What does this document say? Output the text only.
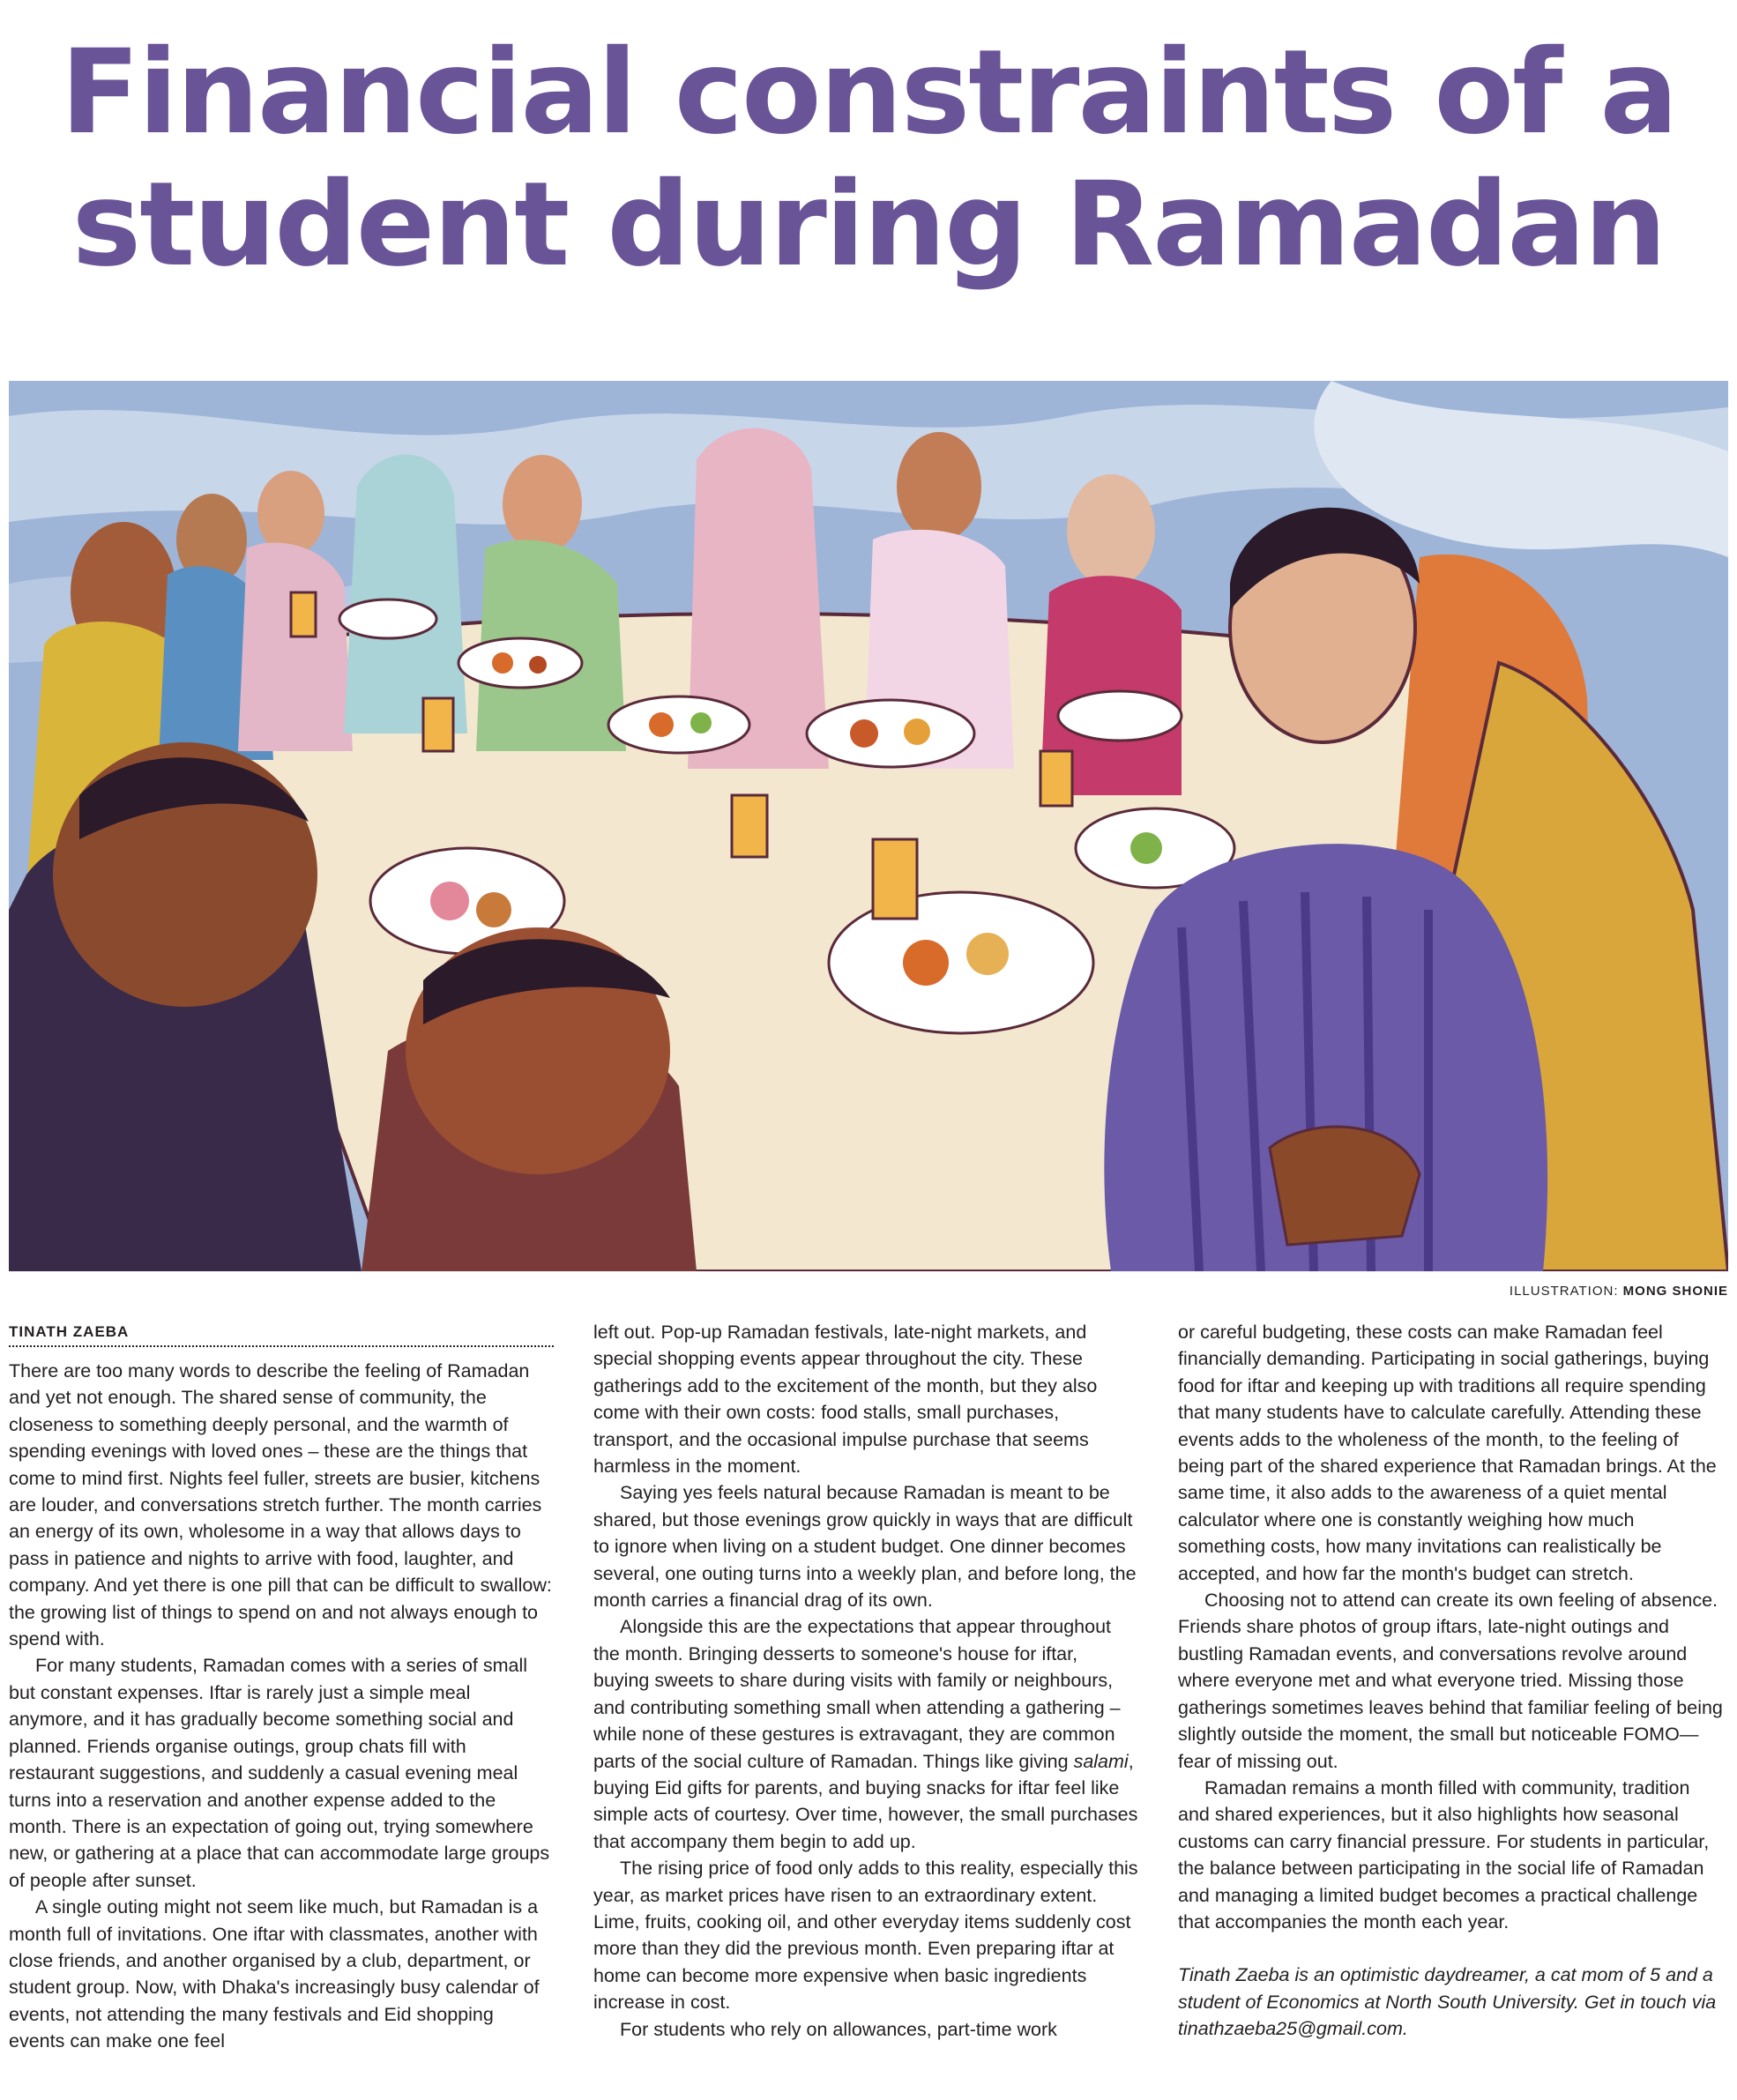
Financial constraints of a
student during Ramadan
ILLUSTRATION: MONG SHONIE
TINATH ZAEBA

There are too many words to describe the feeling of Ramadan and yet not enough. The shared sense of community, the closeness to something deeply personal, and the warmth of spending evenings with loved ones – these are the things that come to mind first. Nights feel fuller, streets are busier, kitchens are louder, and conversations stretch further. The month carries an energy of its own, wholesome in a way that allows days to pass in patience and nights to arrive with food, laughter, and company. And yet there is one pill that can be difficult to swallow: the growing list of things to spend on and not always enough to spend with.

For many students, Ramadan comes with a series of small but constant expenses. Iftar is rarely just a simple meal anymore, and it has gradually become something social and planned. Friends organise outings, group chats fill with restaurant suggestions, and suddenly a casual evening meal turns into a reservation and another expense added to the month. There is an expectation of going out, trying somewhere new, or gathering at a place that can accommodate large groups of people after sunset.

A single outing might not seem like much, but Ramadan is a month full of invitations. One iftar with classmates, another with close friends, and another organised by a club, department, or student group. Now, with Dhaka's increasingly busy calendar of events, not attending the many festivals and Eid shopping events can make one feel

left out. Pop-up Ramadan festivals, late-night markets, and special shopping events appear throughout the city. These gatherings add to the excitement of the month, but they also come with their own costs: food stalls, small purchases, transport, and the occasional impulse purchase that seems harmless in the moment.

Saying yes feels natural because Ramadan is meant to be shared, but those evenings grow quickly in ways that are difficult to ignore when living on a student budget. One dinner becomes several, one outing turns into a weekly plan, and before long, the month carries a financial drag of its own.

Alongside this are the expectations that appear throughout the month. Bringing desserts to someone's house for iftar, buying sweets to share during visits with family or neighbours, and contributing something small when attending a gathering – while none of these gestures is extravagant, they are common parts of the social culture of Ramadan. Things like giving salami, buying Eid gifts for parents, and buying snacks for iftar feel like simple acts of courtesy. Over time, however, the small purchases that accompany them begin to add up.

The rising price of food only adds to this reality, especially this year, as market prices have risen to an extraordinary extent. Lime, fruits, cooking oil, and other everyday items suddenly cost more than they did the previous month. Even preparing iftar at home can become more expensive when basic ingredients increase in cost.

For students who rely on allowances, part-time work

or careful budgeting, these costs can make Ramadan feel financially demanding. Participating in social gatherings, buying food for iftar and keeping up with traditions all require spending that many students have to calculate carefully. Attending these events adds to the wholeness of the month, to the feeling of being part of the shared experience that Ramadan brings. At the same time, it also adds to the awareness of a quiet mental calculator where one is constantly weighing how much something costs, how many invitations can realistically be accepted, and how far the month's budget can stretch.

Choosing not to attend can create its own feeling of absence. Friends share photos of group iftars, late-night outings and bustling Ramadan events, and conversations revolve around where everyone met and what everyone tried. Missing those gatherings sometimes leaves behind that familiar feeling of being slightly outside the moment, the small but noticeable FOMO— fear of missing out.

Ramadan remains a month filled with community, tradition and shared experiences, but it also highlights how seasonal customs can carry financial pressure. For students in particular, the balance between participating in the social life of Ramadan and managing a limited budget becomes a practical challenge that accompanies the month each year.

Tinath Zaeba is an optimistic daydreamer, a cat mom of 5 and a student of Economics at North South University. Get in touch via tinathzaeba25@gmail.com.
